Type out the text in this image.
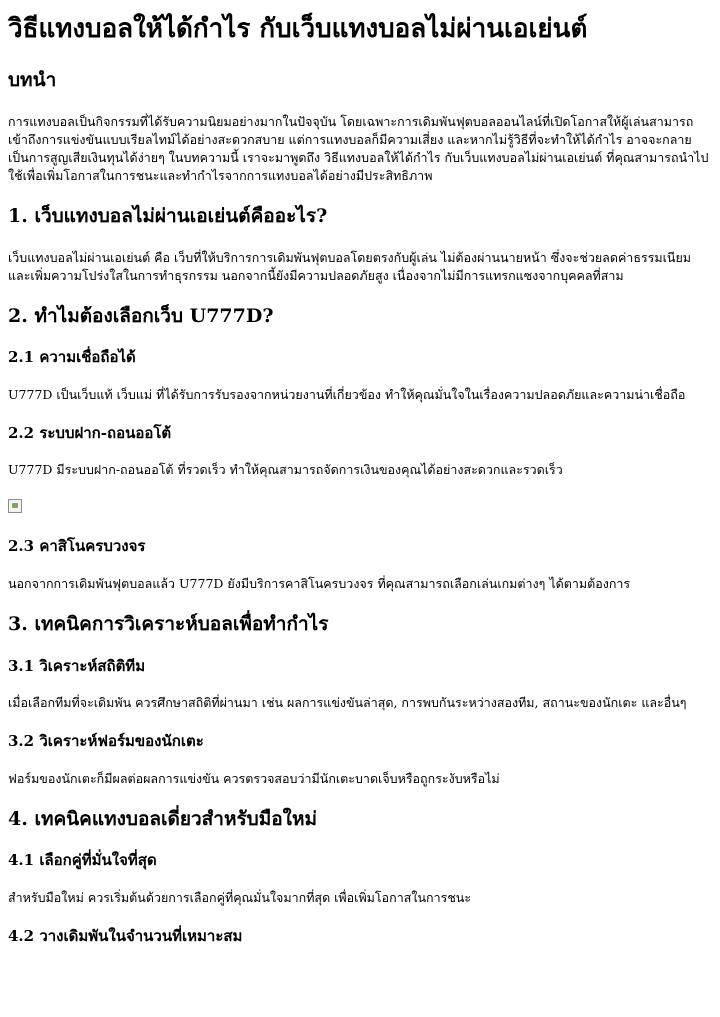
วิธีแทงบอลให้ได้กำไร กับเว็บแทงบอลไม่ผ่านเอเย่นต์
บทนำ

การแทงบอลเป็นกิจกรรมที่ได้รับความนิยมอย่างมากในปัจจุบัน โดยเฉพาะการเดิมพันฟุตบอลออนไลน์ที่เปิดโอกาสให้ผู้เล่นสามารถเข้าถึงการแข่งขันแบบเรียลไทม์ได้อย่างสะดวกสบาย แต่การแทงบอลก็มีความเสี่ยง และหากไม่รู้วิธีที่จะทำให้ได้กำไร อาจจะกลายเป็นการสูญเสียเงินทุนได้ง่ายๆ ในบทความนี้ เราจะมาพูดถึง วิธีแทงบอลให้ได้กำไร กับเว็บแทงบอลไม่ผ่านเอเย่นต์ ที่คุณสามารถนำไปใช้เพื่อเพิ่มโอกาสในการชนะและทำกำไรจากการแทงบอลได้อย่างมีประสิทธิภาพ

1. เว็บแทงบอลไม่ผ่านเอเย่นต์คืออะไร?

เว็บแทงบอลไม่ผ่านเอเย่นต์ คือ เว็บที่ให้บริการการเดิมพันฟุตบอลโดยตรงกับผู้เล่น ไม่ต้องผ่านนายหน้า ซึ่งจะช่วยลดค่าธรรมเนียมและเพิ่มความโปร่งใสในการทำธุรกรรม นอกจากนี้ยังมีความปลอดภัยสูง เนื่องจากไม่มีการแทรกแซงจากบุคคลที่สาม

2. ทำไมต้องเลือกเว็บ U777D?
2.1 ความเชื่อถือได้

U777D เป็นเว็บแท้ เว็บแม่ ที่ได้รับการรับรองจากหน่วยงานที่เกี่ยวข้อง ทำให้คุณมั่นใจในเรื่องความปลอดภัยและความน่าเชื่อถือ

2.2 ระบบฝาก-ถอนออโต้

U777D มีระบบฝาก-ถอนออโต้ ที่รวดเร็ว ทำให้คุณสามารถจัดการเงินของคุณได้อย่างสะดวกและรวดเร็ว

2.3 คาสิโนครบวงจร

นอกจากการเดิมพันฟุตบอลแล้ว U777D ยังมีบริการคาสิโนครบวงจร ที่คุณสามารถเลือกเล่นเกมต่างๆ ได้ตามต้องการ

3. เทคนิคการวิเคราะห์บอลเพื่อทำกำไร
3.1 วิเคราะห์สถิติทีม

เมื่อเลือกทีมที่จะเดิมพัน ควรศึกษาสถิติที่ผ่านมา เช่น ผลการแข่งขันล่าสุด, การพบกันระหว่างสองทีม, สถานะของนักเตะ และอื่นๆ

3.2 วิเคราะห์ฟอร์มของนักเตะ

ฟอร์มของนักเตะก็มีผลต่อผลการแข่งขัน ควรตรวจสอบว่ามีนักเตะบาดเจ็บหรือถูกระงับหรือไม่

4. เทคนิคแทงบอลเดี่ยวสำหรับมือใหม่
4.1 เลือกคู่ที่มั่นใจที่สุด

สำหรับมือใหม่ ควรเริ่มต้นด้วยการเลือกคู่ที่คุณมั่นใจมากที่สุด เพื่อเพิ่มโอกาสในการชนะ

4.2 วางเดิมพันในจำนวนที่เหมาะสม
